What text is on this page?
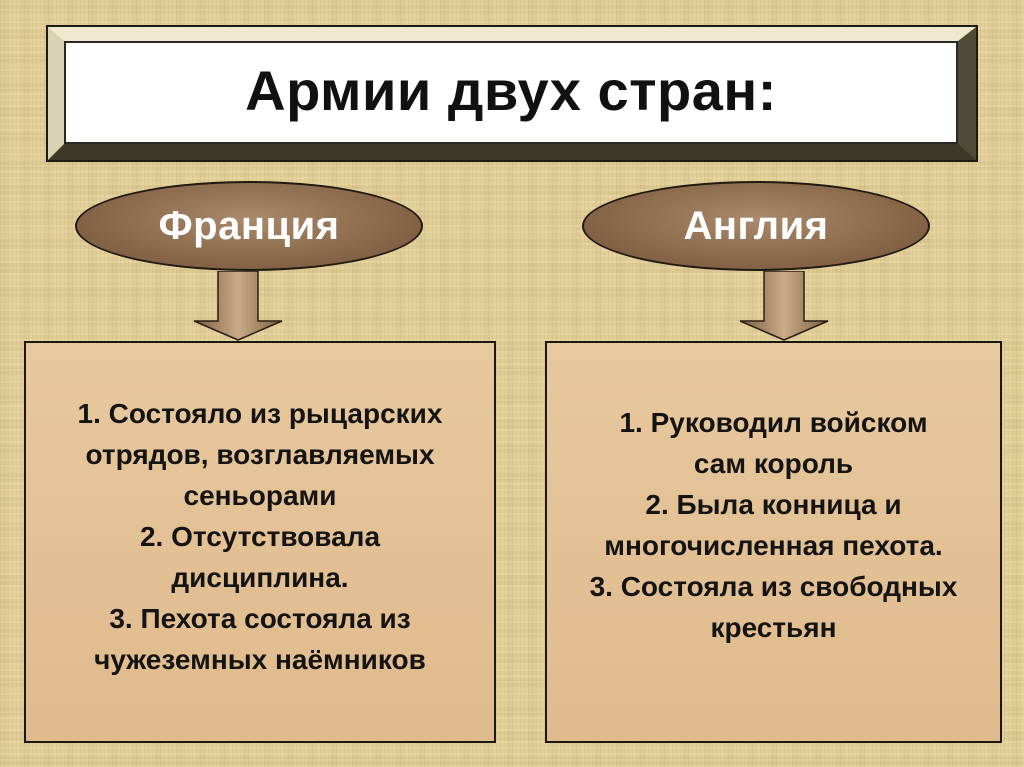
Армии двух стран:
Франция	Англия
1. Состояло из рыцарских
отрядов, возглавляемых
сеньорами
2. Отсутствовала
дисциплина.
3. Пехота состояла из
чужеземных наёмников
1. Руководил войском
сам король
2. Была конница и
многочисленная пехота.
3. Состояла из свободных
крестьян
